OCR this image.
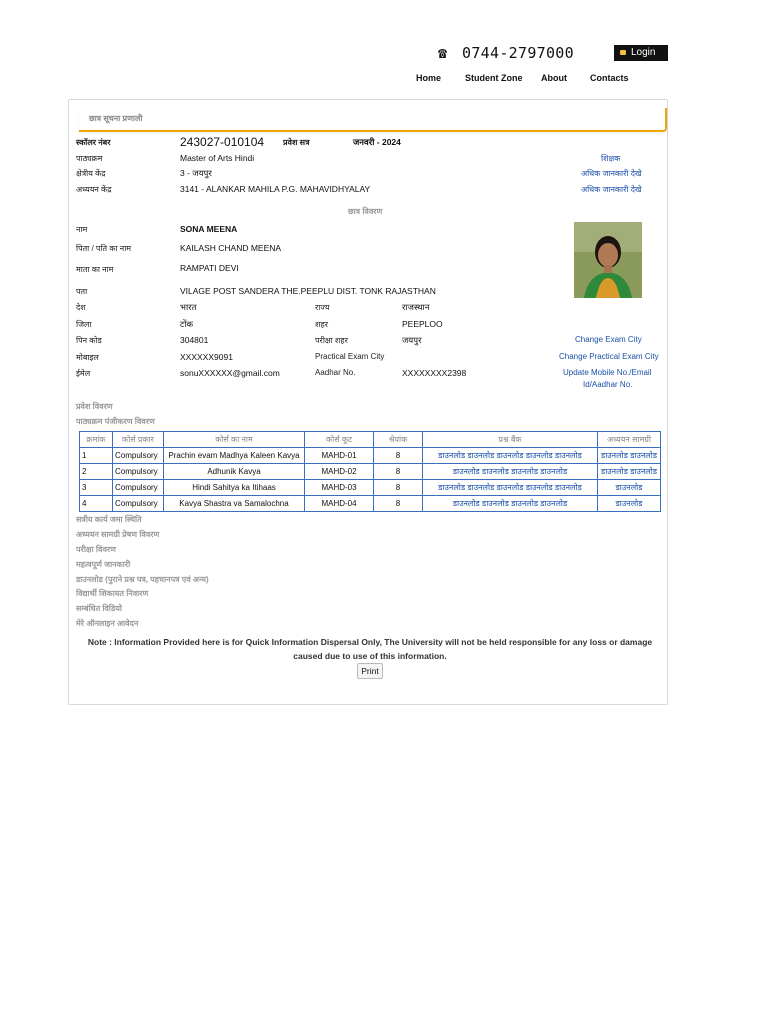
☎ 0744-2797000	Login
Home	Student Zone About	Contacts
छात्र सूचना प्रणाली
स्कॉलर नंबर	243027-010104 प्रवेश सत्र	जनवरी - 2024
पाठ्यक्रम	Master of Arts Hindi	शिक्षक
क्षेत्रीय केंद्र	3 - जयपुर	अधिक जानकारी देखे
अध्ययन केंद्र	3141 - ALANKAR MAHILA P.G. MAHAVIDHYALAY	अधिक जानकारी देखे
छात्र विवरण
नाम	SONA MEENA
पिता / पति का नाम	KAILASH CHAND MEENA
माता का नाम	RAMPATI DEVI
पता	VILAGE POST SANDERA THE.PEEPLU DIST. TONK RAJASTHAN
देश	भारत	राज्य	राजस्थान
जिला	टोंक	शहर	PEEPLOO
पिन कोड	304801	परीक्षा शहर	जयपुर	Change Exam City
मोबाइल	XXXXXX9091	Practical Exam City	Change Practical Exam City
ईमेल	sonuXXXXXX@gmail.com	Aadhar No.	XXXXXXXX2398	Update Mobile No./Email
Id/Aadhar No.
प्रवेश विवरण
पाठ्यक्रम पंजीकरण विवरण
क्रमांक	कोर्स प्रकार	कोर्स का नाम	कोर्स कूट	श्रेयांक	प्रश्न बैंक	अध्ययन सामग्री
1	Compulsory	Prachin evam Madhya Kaleen Kavya	MAHD-01	8	डाउनलोड डाउनलोड डाउनलोड डाउनलोड डाउनलोड	डाउनलोड डाउनलोड
2	Compulsory	Adhunik Kavya	MAHD-02	8	डाउनलोड डाउनलोड डाउनलोड डाउनलोड	डाउनलोड डाउनलोड
3	Compulsory	Hindi Sahitya ka Itihaas	MAHD-03	8	डाउनलोड डाउनलोड डाउनलोड डाउनलोड डाउनलोड	डाउनलोड
4	Compulsory	Kavya Shastra va Samalochna	MAHD-04	8	डाउनलोड डाउनलोड डाउनलोड डाउनलोड	डाउनलोड
सत्रीय कार्य जमा स्थिति
अध्ययन सामग्री प्रेषण विवरण
परीक्षा विवरण
महत्वपूर्ण जानकारी
डाउनलोड (पुराने प्रश्न पत्र, पहचानपत्र एवं अन्य)
विद्यार्थी शिकायत निवारण
सम्बंधित विडियो
मेरे ऑनलाइन आवेदन
Note : Information Provided here is for Quick Information Dispersal Only, The University will not be held responsible for any loss or damage caused due to use of this information.
Print
